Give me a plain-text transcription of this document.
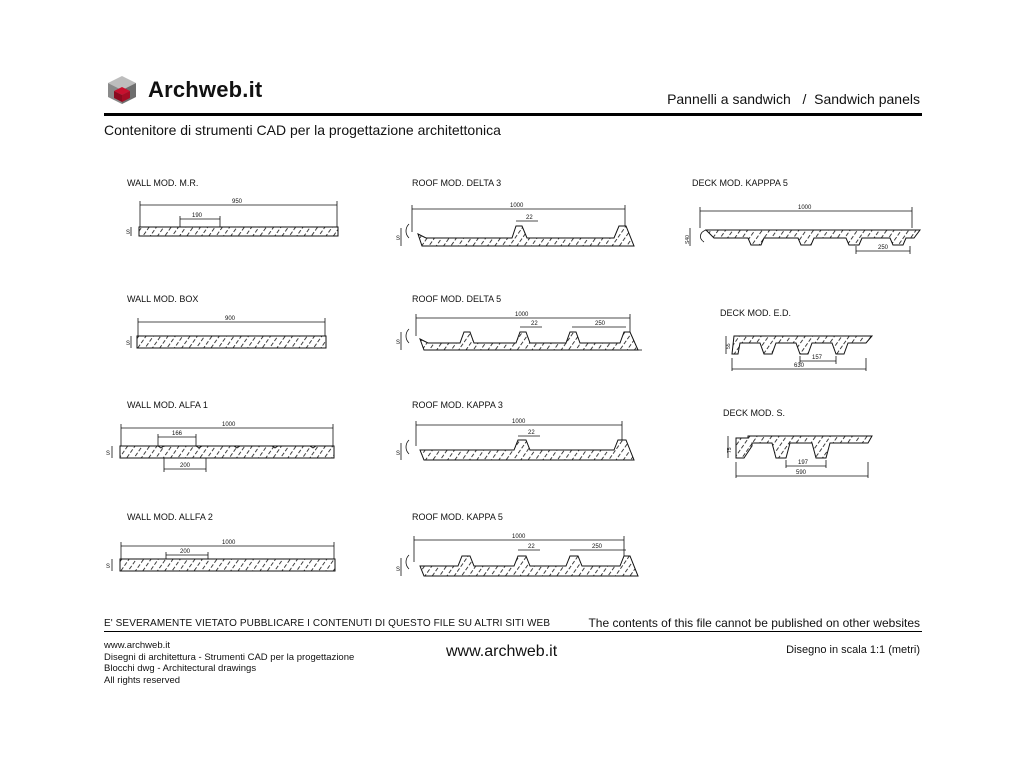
Archweb.it	Pannelli a sandwich   /  Sandwich panels
Contenitore di strumenti CAD per la progettazione architettonica
WALL MOD. M.R.
950
190
S
WALL MOD. BOX
900
S
WALL MOD. ALFA 1
1000
166
200
S
WALL MOD. ALLFA 2
1000
200
S
ROOF MOD. DELTA 3
1000
22
S
ROOF MOD. DELTA 5
1000
22	250
S
ROOF MOD. KAPPA 3
1000
22
S
ROOF MOD. KAPPA 5
1000
22	250
S
DECK MOD. KAPPPA 5
1000
250
S40
DECK MOD. E.D.
157
630
55
DECK MOD. S.
197
590
75
E' SEVERAMENTE VIETATO PUBBLICARE I CONTENUTI DI QUESTO FILE SU ALTRI SITI WEB	The contents of this file cannot be published on other websites
www.archweb.it
Disegni di architettura - Strumenti CAD per la progettazione
Blocchi dwg - Architectural drawings
All rights reserved
www.archweb.it	Disegno in scala 1:1 (metri)
